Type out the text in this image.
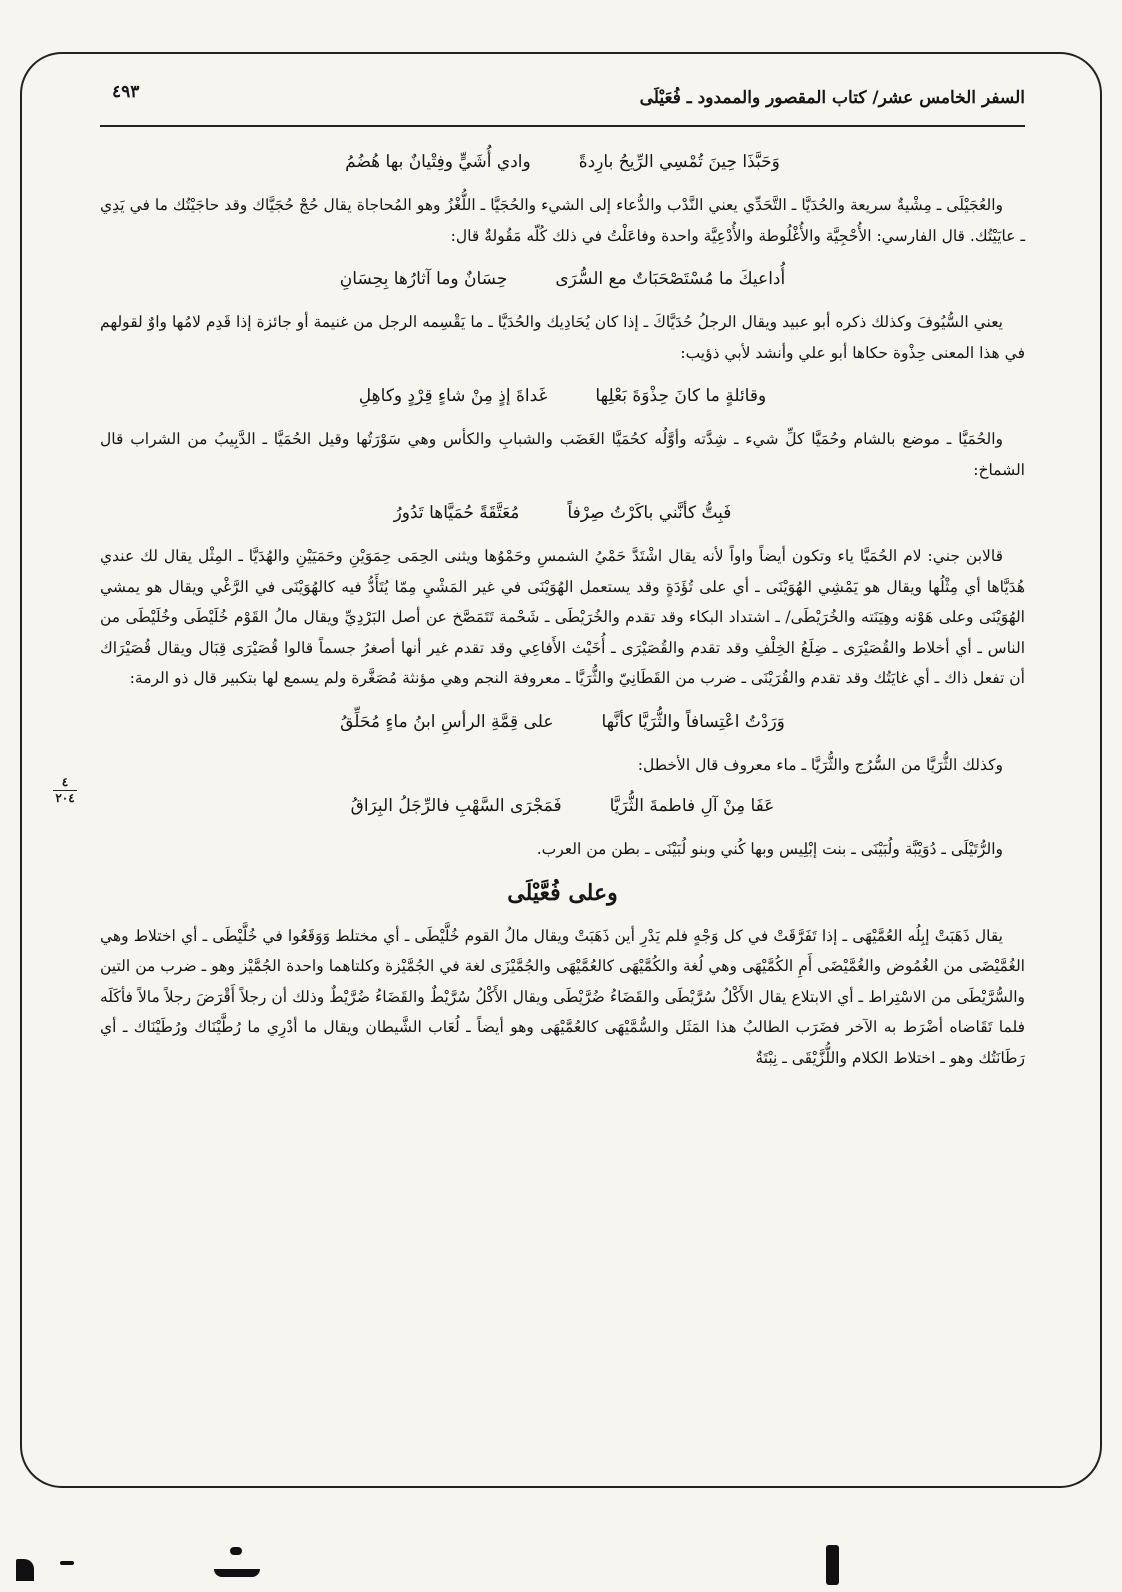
السفر الخامس عشر/ كتاب المقصور والممدود ـ فُعَيْلَى
٤٩٣
٤
٢٠٤
وَحَبَّذَا حِينَ تُمْسِي الرِّيحُ بارِدةً
وادي أُشَيٍّ وفِتْيانٌ بها هُضُمُ

والعُجَيْلَى ـ مِشْيةٌ سريعة والحُدَيَّا ـ التَّحَدِّي يعني النَّدْب والدُّعاء إلى الشيء والحُجَيَّا ـ اللُّغْزُ وهو المُحاجاة يقال حُجْ حُجَيَّاك وقد حاجَيْتُك ما في يَدِي ـ عايَيْتُك. قال الفارسي: الأُحْجِيَّة والأُغْلُوطة والأُدْعِيَّة واحدة وفاعَلْتُ في ذلك كُلّه مَقُولةٌ قال:

أُداعيكَ ما مُسْتَصْحَبَاتٌ مع السُّرَى
حِسَانٌ وما آثارُها بِحِسَانِ

يعني السُّيُوفَ وكذلك ذكره أبو عبيد ويقال الرجلُ حُدَيَّاكَ ـ إذا كان يُحَادِيك والحُدَيَّا ـ ما يَقْسِمه الرجل من غنيمة أو جائزة إذا قَدِم لامُها واوٌ لقولهم في هذا المعنى حِذْوة حكاها أبو علي وأنشد لأبي ذؤيب:

وقائلةٍ ما كانَ حِذْوَةَ بَعْلِها
غَداةَ إذٍ مِنْ شاءٍ قِرْدٍ وكاهِلِ

والحُمَيَّا ـ موضع بالشام وحُمَيَّا كلِّ شيء ـ شِدَّته وأوَّلُه كحُمَيَّا الغَضَب والشبابِ والكأس وهي سَوْرَتُها وقيل الحُمَيَّا ـ الدَّبِيبُ من الشراب قال الشماخ:

فَبِتُّ كأنَّني باكَرْتُ صِرْفاً
مُعَتَّقَةً حُمَيَّاها تَدُورُ

قالابن جني: لام الحُمَيَّا ياء وتكون أيضاً واواً لأنه يقال اشْتَدَّ حَمْيُ الشمسِ وحَمْوُها ويثنى الحِمَى حِمَوَيْنِ وحَمَيَيْنِ والهُدَيَّا ـ المِثْل يقال لك عندي هُدَيَّاها أي مِثْلُها ويقال هو يَمْشِي الهُوَيْنَى ـ أي على تُؤَدَةٍ وقد يستعمل الهُوَيْنَى في غير المَشْيِ مِمّا يُتَأَدُّ فيه كالهُوَيْنَى في الرَّغْي ويقال هو يمشي الهُوَيْنَى وعلى هَوْنه وهِيَنَته والخُرَيْطَى/ ـ اشتداد البكاء وقد تقدم والخُرَيْطَى ـ شَحْمة تَتَمَصَّخ عن أصل البَرْدِيِّ ويقال مالُ القَوْم خُلَيْطَى وخُلَيْطَى من الناس ـ أي أخلاط والقُصَيْرَى ـ ضِلَعُ الخِلْفِ وقد تقدم والقُصَيْرَى ـ أُخَيْث الأَفاعِي وقد تقدم غير أنها أصغرُ جسماً قالوا قُصَيْرَى قِبَال ويقال قُصَيْرَاك أن تفعل ذاك ـ أي غايَتُك وقد تقدم والقُرَيْنَى ـ ضرب من القَطَانِيّ والثُّرَيَّا ـ معروفة النجم وهي مؤنثة مُصَغَّرة ولم يسمع لها بتكبير قال ذو الرمة:

وَرَدْتُ اعْتِسافاً والثُّرَيَّا كأنَّها
على قِمَّةِ الرأسِ ابنُ ماءٍ مُحَلِّقُ

وكذلك الثُّرَيَّا من السُّرُج والثُّرَيَّا ـ ماء معروف قال الأخطل:

عَفَا مِنْ آلِ فاطمةَ الثُّرَيَّا
فَمَجْرَى السَّهْبِ فالرِّجَلُ البِرَاقُ

والرُّتَيْلَى ـ دُوَيْبَّة ولُبَيْنَى ـ بنت إبْلِيس وبها كُني وبنو لُبَيْنَى ـ بطن من العرب.

وعلى فُعَّيْلَى

يقال ذَهَبَتْ إبِلُه العُمَّيْهَى ـ إذا تَفَرَّقَتْ في كل وَجْهٍ فلم يَدْرِ أين ذَهَبَتْ ويقال مالُ القوم خُلَّيْطَى ـ أي مختلط وَوَقَعُوا في خُلَّيْطَى ـ أي اختلاط وهي الغُمَّيْضَى من الغُمُوض والغُمَّيْضَى أَمِ الكُمَّيْهَى وهي لُغة والكُمَّيْهَى كالعُمَّيْهَى والجُمَّيْزَى لغة في الجُمَّيْزة وكلتاهما واحدة الجُمَّيْز وهو ـ ضرب من التين والسُّرَّيْطَى من الاسْتِراط ـ أي الابتلاع يقال الأَكْلُ سُرَّيْطَى والقَضَاءُ ضُرَّيْطَى ويقال الأَكْلُ سُرَّيْطٌ والقَضَاءُ ضُرَّيْطٌ وذلك أن رجلاً أَقْرَضَ رجلاً مالاً فأكَلَه فلما تَقَاضاه أضْرَط به الآخر فضَرَب الطالبُ هذا المَثَل والسُّمَّيْهَى كالعُمَّيْهَى وهو أيضاً ـ لُعَاب الشَّيطان ويقال ما أدْرِي ما رُطَّيْنَاك ورُطَيْنَاك ـ أي رَطَانَتُك وهو ـ اختلاط الكلام واللُّزَّيْقَى ـ نِبْتَةٌ
